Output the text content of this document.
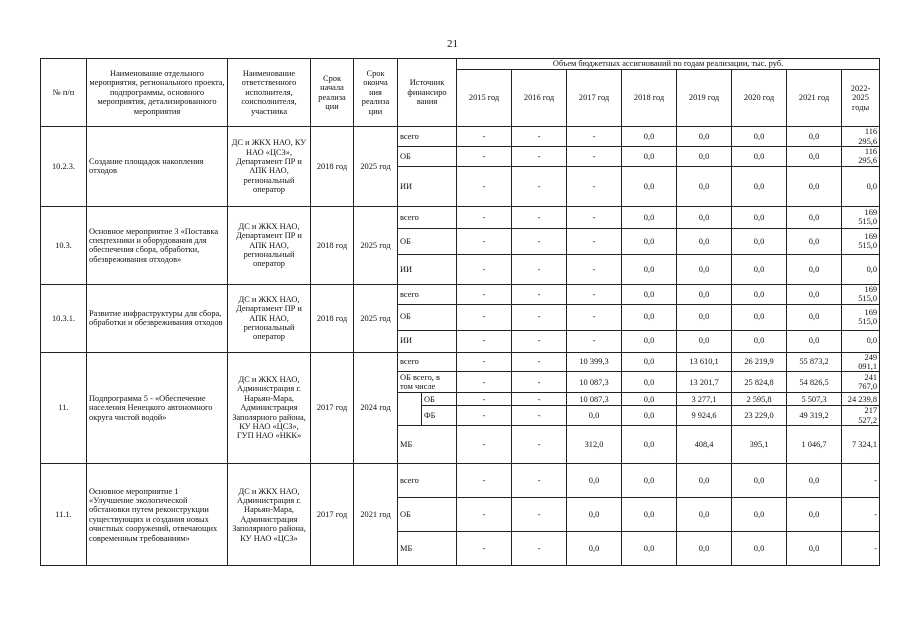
21
№ п/п	Наименование отдельного мероприятия, регионального проекта, подпрограммы, основного мероприятия, детализированного мероприятия	Наименование ответственного исполнителя, соисполнителя, участника	Срок начала реализа ции	Срок оконча ния реализа ции	Источник финансиро вания		Объем бюджетных ассигнований по годам реализации, тыс. руб.							
							2015 год	2016 год	2017 год	2018 год	2019 год	2020 год	2021 год	2022-2025 годы
10.2.3.	Создание площадок накопления отходов	ДС и ЖКХ НАО, КУ НАО «ЦСЗ», Департамент ПР и АПК НАО, региональный оператор	2018 год	2025 год	всего		-	-	-	0,0	0,0	0,0	0,0	116 295,6
					ОБ		-	-	-	0,0	0,0	0,0	0,0	116 295,6
					ИИ		-	-	-	0,0	0,0	0,0	0,0	0,0
10.3.	Основное мероприятие 3 «Поставка спецтехники и оборудования для обеспечения сбора, обработки, обезвреживания отходов»	ДС и ЖКХ НАО, Департамент ПР и АПК НАО, региональный оператор	2018 год	2025 год	всего		-	-	-	0,0	0,0	0,0	0,0	169 515,0
					ОБ		-	-	-	0,0	0,0	0,0	0,0	169 515,0
					ИИ		-	-	-	0,0	0,0	0,0	0,0	0,0
10.3.1.	Развитие инфраструктуры для сбора, обработки и обезвреживания отходов	ДС и ЖКХ НАО, Департамент ПР и АПК НАО, региональный оператор	2018 год	2025 год	всего		-	-	-	0,0	0,0	0,0	0,0	169 515,0
					ОБ		-	-	-	0,0	0,0	0,0	0,0	169 515,0
					ИИ		-	-	-	0,0	0,0	0,0	0,0	0,0
11.	Подпрограмма 5 - «Обеспечение населения Ненецкого автономного округа чистой водой»	ДС и ЖКХ НАО, Администрация г. Нарьян-Мара, Администрация Заполярного района, КУ НАО «ЦСЗ», ГУП НАО «НКК»	2017 год	2024 год	всего		-	-	10 399,3	0,0	13 610,1	26 219,9	55 873,2	249 091,1
					ОБ всего, в том числе		-	-	10 087,3	0,0	13 201,7	25 824,8	54 826,5	241 767,0
						ОБ	-	-	10 087,3	0,0	3 277,1	2 595,8	5 507,3	24 239,8
						ФБ	-	-	0,0	0,0	9 924,6	23 229,0	49 319,2	217 527,2
					МБ		-	-	312,0	0,0	408,4	395,1	1 046,7	7 324,1
11.1.	Основное мероприятие 1 «Улучшение экологической обстановки путем реконструкции существующих и создания новых очистных сооружений, отвечающих современным требованиям»	ДС и ЖКХ НАО, Администрация г. Нарьян-Мара, Администрация Заполярного района, КУ НАО «ЦСЗ»	2017 год	2021 год	всего		-	-	0,0	0,0	0,0	0,0	0,0	-
					ОБ		-	-	0,0	0,0	0,0	0,0	0,0	-
					МБ		-	-	0,0	0,0	0,0	0,0	0,0	-
